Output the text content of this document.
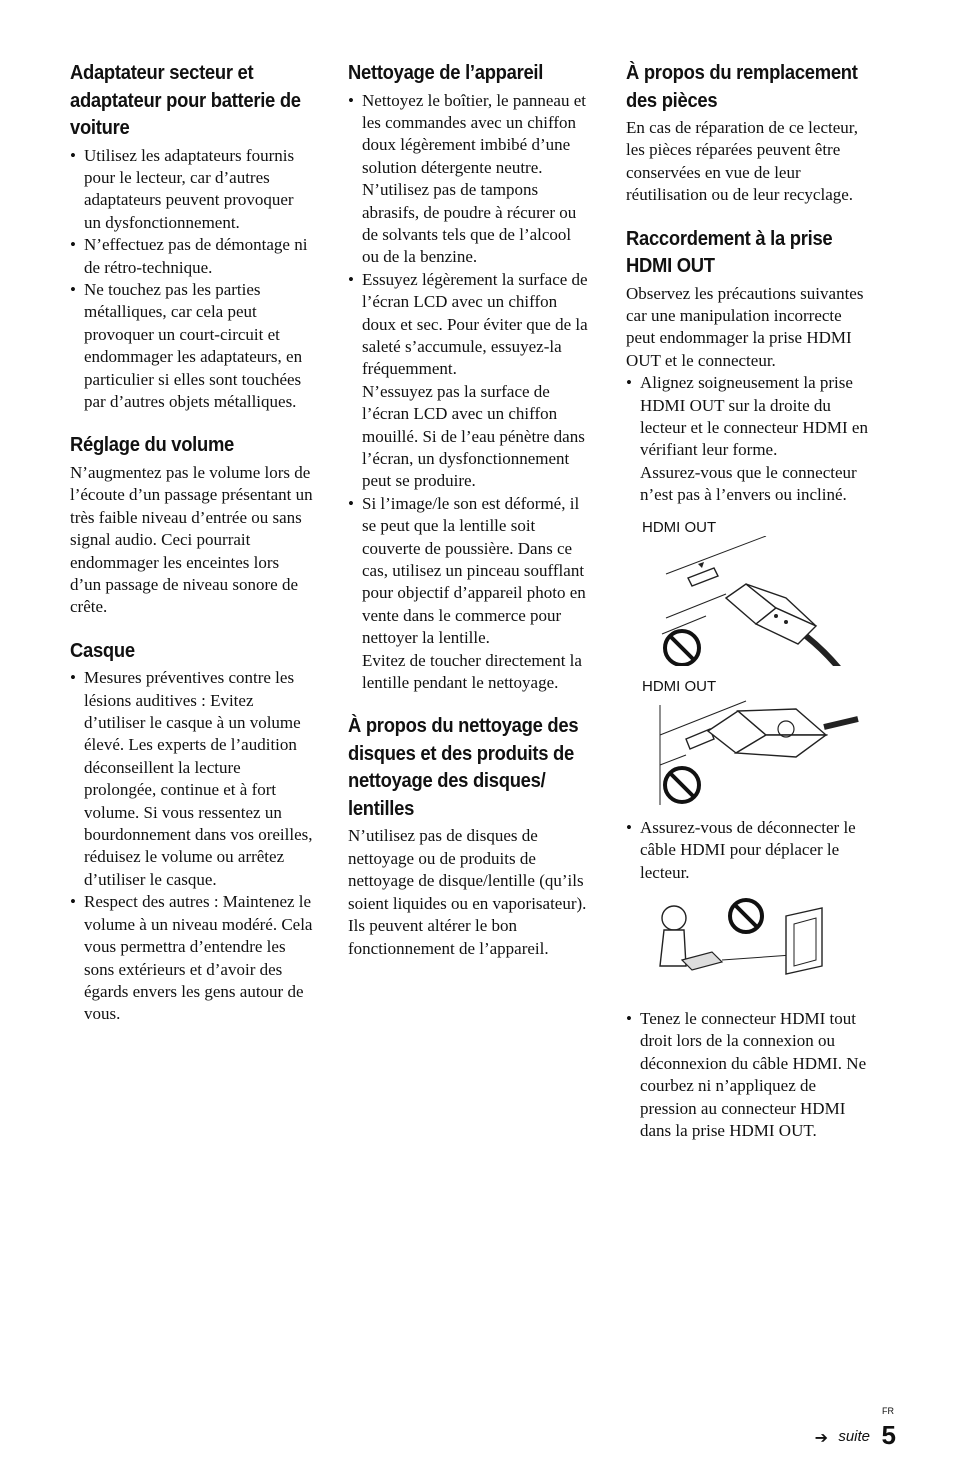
Adaptateur secteur et adaptateur pour batterie de voiture
• Utilisez les adaptateurs fournis pour le lecteur, car d’autres adaptateurs peuvent provoquer un dysfonctionnement.
• N’effectuez pas de démontage ni de rétro-technique.
• Ne touchez pas les parties métalliques, car cela peut provoquer un court-circuit et endommager les adaptateurs, en particulier si elles sont touchées par d’autres objets métalliques.
Réglage du volume

N’augmentez pas le volume lors de l’écoute d’un passage présentant un très faible niveau d’entrée ou sans signal audio. Ceci pourrait endommager les enceintes lors d’un passage de niveau sonore de crête.

Casque
• Mesures préventives contre les lésions auditives : Evitez d’utiliser le casque à un volume élevé. Les experts de l’audition déconseillent la lecture prolongée, continue et à fort volume. Si vous ressentez un bourdonnement dans vos oreilles, réduisez le volume ou arrêtez d’utiliser le casque.
• Respect des autres : Maintenez le volume à un niveau modéré. Cela vous permettra d’entendre les sons extérieurs et d’avoir des égards envers les gens autour de vous.
Nettoyage de l’appareil
• Nettoyez le boîtier, le panneau et les commandes avec un chiffon doux légèrement imbibé d’une solution détergente neutre. N’utilisez pas de tampons abrasifs, de poudre à récurer ou de solvants tels que de l’alcool ou de la benzine.
• Essuyez légèrement la surface de l’écran LCD avec un chiffon doux et sec. Pour éviter que de la saleté s’accumule, essuyez-la fréquemment.
N’essuyez pas la surface de l’écran LCD avec un chiffon mouillé. Si de l’eau pénètre dans l’écran, un dysfonctionnement peut se produire.
• Si l’image/le son est déformé, il se peut que la lentille soit couverte de poussière. Dans ce cas, utilisez un pinceau soufflant pour objectif d’appareil photo en vente dans le commerce pour nettoyer la lentille.
Evitez de toucher directement la lentille pendant le nettoyage.
À propos du nettoyage des disques et des produits de nettoyage des disques/ lentilles

N’utilisez pas de disques de nettoyage ou de produits de nettoyage de disque/lentille (qu’ils soient liquides ou en vaporisateur). Ils peuvent altérer le bon fonctionnement de l’appareil.

À propos du remplacement des pièces

En cas de réparation de ce lecteur, les pièces réparées peuvent être conservées en vue de leur réutilisation ou de leur recyclage.

Raccordement à la prise HDMI OUT

Observez les précautions suivantes car une manipulation incorrecte peut endommager la prise HDMI OUT et le connecteur.

• Alignez soigneusement la prise HDMI OUT sur la droite du lecteur et le connecteur HDMI en vérifiant leur forme.
Assurez-vous que le connecteur n’est pas à l’envers ou incliné.
HDMI OUT
HDMI OUT
• Assurez-vous de déconnecter le câble HDMI pour déplacer le lecteur.
• Tenez le connecteur HDMI tout droit lors de la connexion ou déconnexion du câble HDMI. Ne courbez ni n’appliquez de pression au connecteur HDMI dans la prise HDMI OUT.
FR
➔ suite 5
